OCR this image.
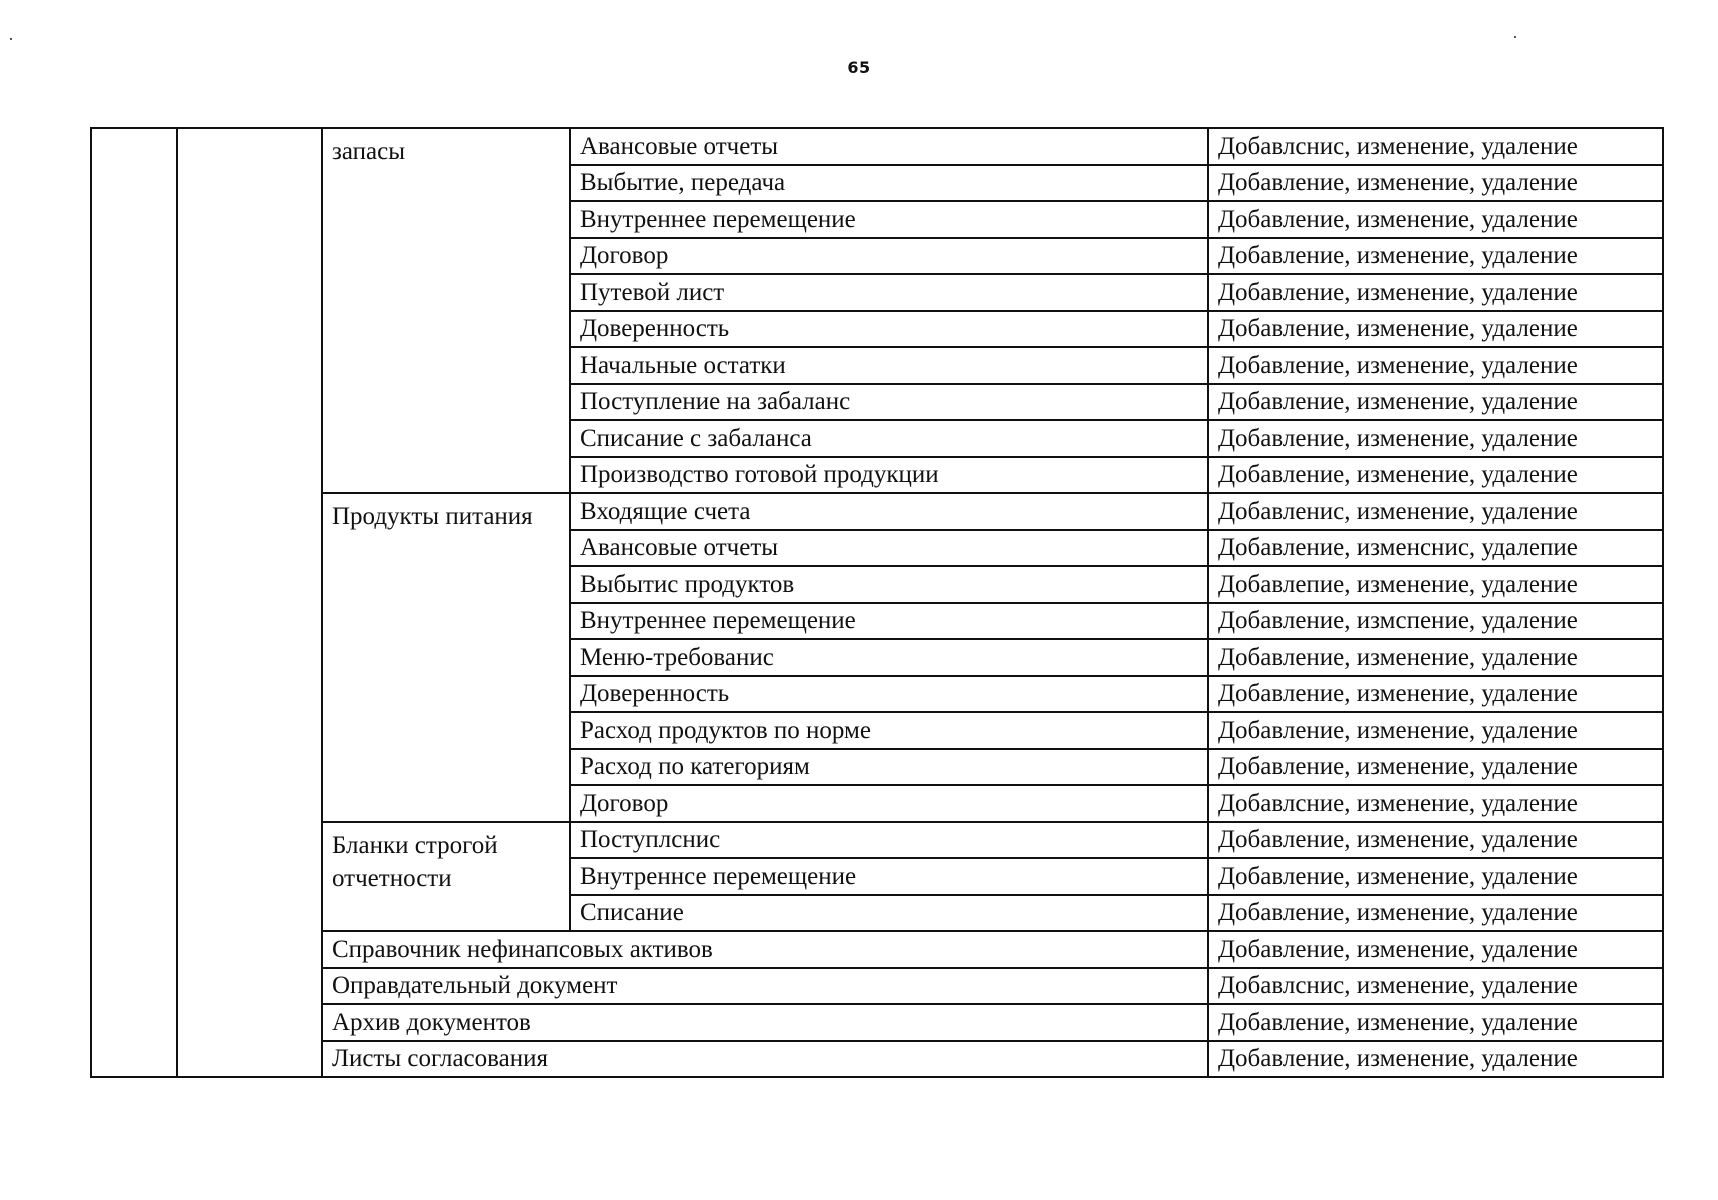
65
		запасы	Авансовые отчеты	Добавлснис, изменение, удаление
			Выбытие, передача	Добавление, изменение, удаление
			Внутреннее перемещение	Добавление, изменение, удаление
			Договор	Добавление, изменение, удаление
			Путевой лист	Добавление, изменение, удаление
			Доверенность	Добавление, изменение, удаление
			Начальные остатки	Добавление, изменение, удаление
			Поступление на забаланс	Добавление, изменение, удаление
			Списание с забаланса	Добавление, изменение, удаление
			Производство готовой продукции	Добавление, изменение, удаление
		Продукты питания	Входящие счета	Добавленис, изменение, удаление
			Авансовые отчеты	Добавление, изменснис, удалепие
			Выбытис продуктов	Добавлепие, изменение, удаление
			Внутреннее перемещение	Добавление, измспение, удаление
			Меню-требованис	Добавление, изменение, удаление
			Доверенность	Добавление, изменение, удаление
			Расход продуктов по норме	Добавление, изменение, удаление
			Расход по категориям	Добавление, изменение, удаление
			Договор	Добавлсние, изменение, удаление
		Бланки строгой отчетности	Поступлснис	Добавление, изменение, удаление
			Внутреннсе перемещение	Добавление, изменение, удаление
			Списание	Добавление, изменение, удаление
		Справочник нефинапсовых активов		Добавление, изменение, удаление
		Оправдательный документ		Добавлснис, изменение, удаление
		Архив документов		Добавление, изменение, удаление
		Листы согласования		Добавление, изменение, удаление
